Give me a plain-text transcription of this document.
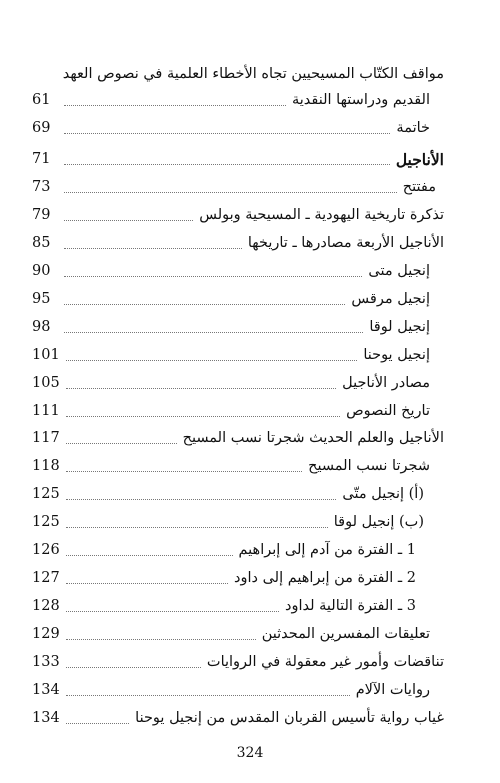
مواقف الكتّاب المسيحيين تجاه الأخطاء العلمية في نصوص العهد
القديم ودراستها النقدية
61
خاتمة
69
الأناجيل
71
مفتتح
73
تذكرة تاريخية اليهودية ـ المسيحية وبولس
79
الأناجيل الأربعة مصادرها ـ تاريخها
85
إنجيل متى
90
إنجيل مرقس
95
إنجيل لوقا
98
إنجيل يوحنا
101
مصادر الأناجيل
105
تاريخ النصوص
111
الأناجيل والعلم الحديث شجرتا نسب المسيح
117
شجرتا نسب المسيح
118
(أ) إنجيل متّى
125
(ب) إنجيل لوقا
125
1 ـ الفترة من آدم إلى إبراهيم
126
2 ـ الفترة من إبراهيم إلى داود
127
3 ـ الفترة التالية لداود
128
تعليقات المفسرين المحدثين
129
تناقضات وأمور غير معقولة في الروايات
133
روايات الآلام
134
غياب رواية تأسيس القربان المقدس من إنجيل يوحنا
134
324
